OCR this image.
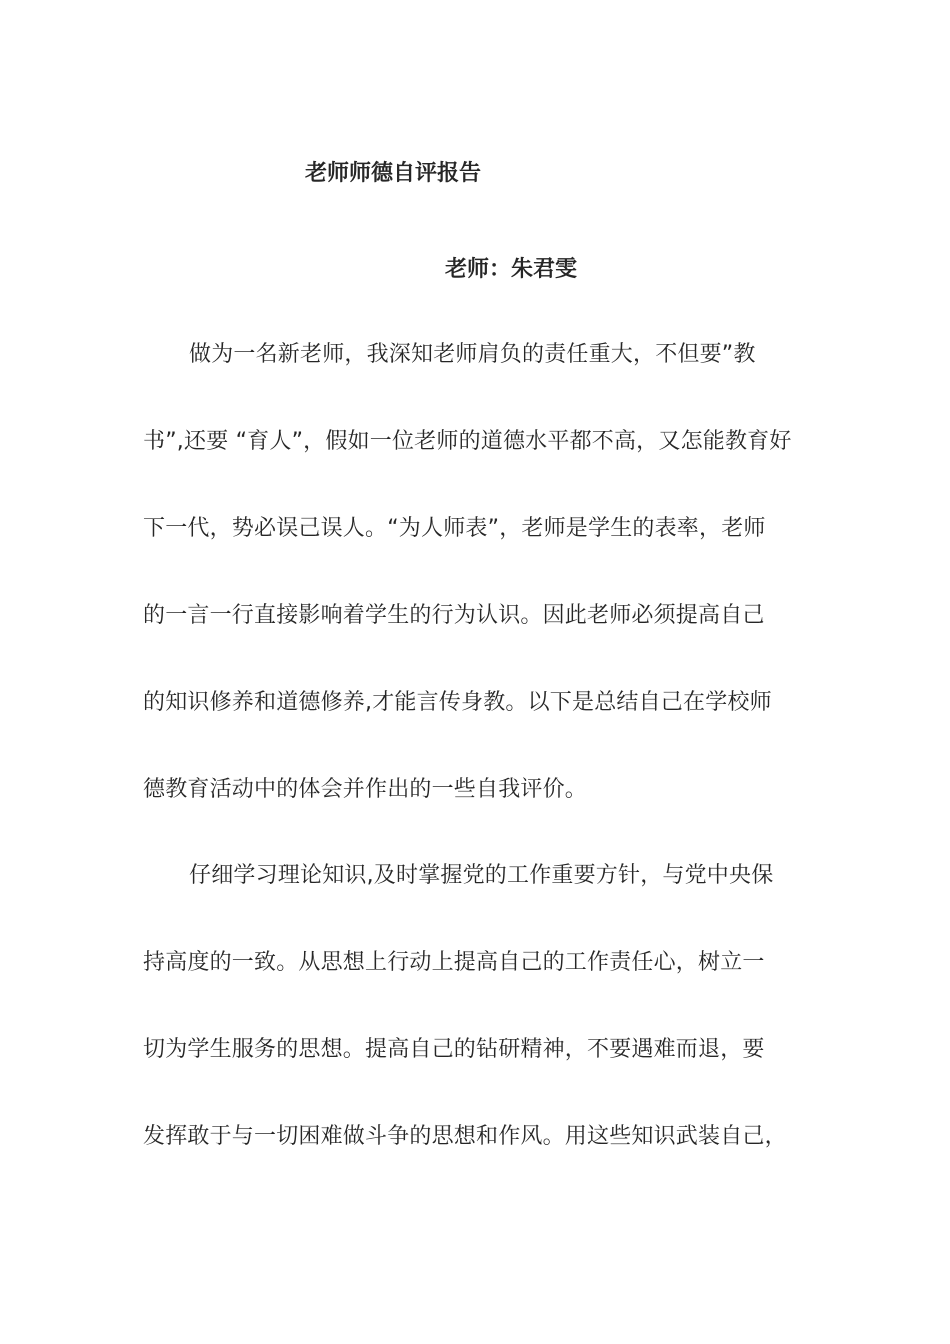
老师师德自评报告
老师：朱君雯
做为一名新老师，我深知老师肩负的责任重大，不但要”教
书”,还要 “育人”，假如一位老师的道德水平都不高，又怎能教育好
下一代，势必误己误人。“为人师表”，老师是学生的表率，老师
的一言一行直接影响着学生的行为认识。因此老师必须提高自己
的知识修养和道德修养,才能言传身教。以下是总结自己在学校师
德教育活动中的体会并作出的一些自我评价。
仔细学习理论知识,及时掌握党的工作重要方针，与党中央保
持高度的一致。从思想上行动上提高自己的工作责任心，树立一
切为学生服务的思想。提高自己的钻研精神，不要遇难而退，要
发挥敢于与一切困难做斗争的思想和作风。用这些知识武装自己，
